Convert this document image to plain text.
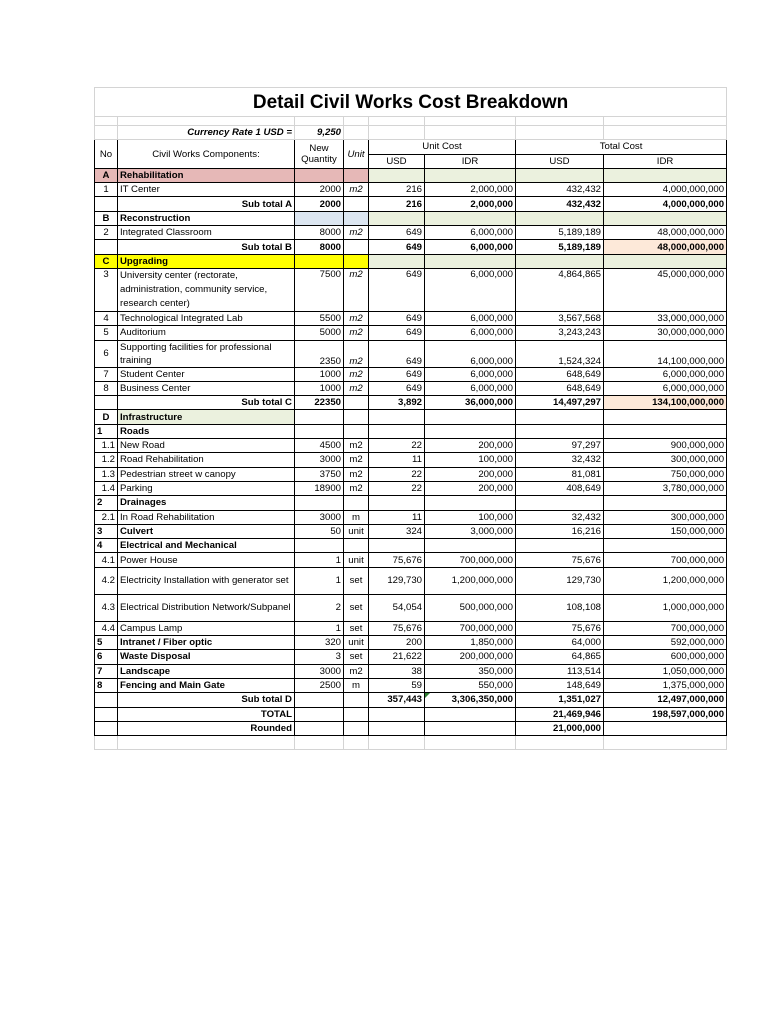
Detail Civil Works Cost Breakdown							

	Currency Rate 1 USD =	9,250					
No	Civil Works Components:	New Quantity	Unit	Unit Cost		Total Cost	
				USD	IDR	USD	IDR
A	Rehabilitation						
1	IT Center	2000	m2	216	2,000,000	432,432	4,000,000,000
	Sub total A	2000		216	2,000,000	432,432	4,000,000,000
B	Reconstruction						
2	Integrated Classroom	8000	m2	649	6,000,000	5,189,189	48,000,000,000
	Sub total B	8000		649	6,000,000	5,189,189	48,000,000,000
C	Upgrading						
3	University center (rectorate, administration, community service, research center)	7500	m2	649	6,000,000	4,864,865	45,000,000,000
4	Technological Integrated Lab	5500	m2	649	6,000,000	3,567,568	33,000,000,000
5	Auditorium	5000	m2	649	6,000,000	3,243,243	30,000,000,000
6	Supporting facilities for professional training	2350	m2	649	6,000,000	1,524,324	14,100,000,000
7	Student Center	1000	m2	649	6,000,000	648,649	6,000,000,000
8	Business Center	1000	m2	649	6,000,000	648,649	6,000,000,000
	Sub total C	22350		3,892	36,000,000	14,497,297	134,100,000,000
D	Infrastructure						
1	Roads						
1.1	New Road	4500	m2	22	200,000	97,297	900,000,000
1.2	Road Rehabilitation	3000	m2	11	100,000	32,432	300,000,000
1.3	Pedestrian street w canopy	3750	m2	22	200,000	81,081	750,000,000
1.4	Parking	18900	m2	22	200,000	408,649	3,780,000,000
2	Drainages						
2.1	In Road Rehabilitation	3000	m	11	100,000	32,432	300,000,000
3	Culvert	50	unit	324	3,000,000	16,216	150,000,000
4	Electrical and Mechanical						
4.1	Power House	1	unit	75,676	700,000,000	75,676	700,000,000
4.2	Electricity Installation with generator set	1	set	129,730	1,200,000,000	129,730	1,200,000,000
4.3	Electrical Distribution Network/Subpanel	2	set	54,054	500,000,000	108,108	1,000,000,000
4.4	Campus Lamp	1	set	75,676	700,000,000	75,676	700,000,000
5	Intranet / Fiber optic	320	unit	200	1,850,000	64,000	592,000,000
6	Waste Disposal	3	set	21,622	200,000,000	64,865	600,000,000
7	Landscape	3000	m2	38	350,000	113,514	1,050,000,000
8	Fencing and Main Gate	2500	m	59	550,000	148,649	1,375,000,000
	Sub total D			357,443	3,306,350,000	1,351,027	12,497,000,000
	TOTAL					21,469,946	198,597,000,000
	Rounded					21,000,000	
